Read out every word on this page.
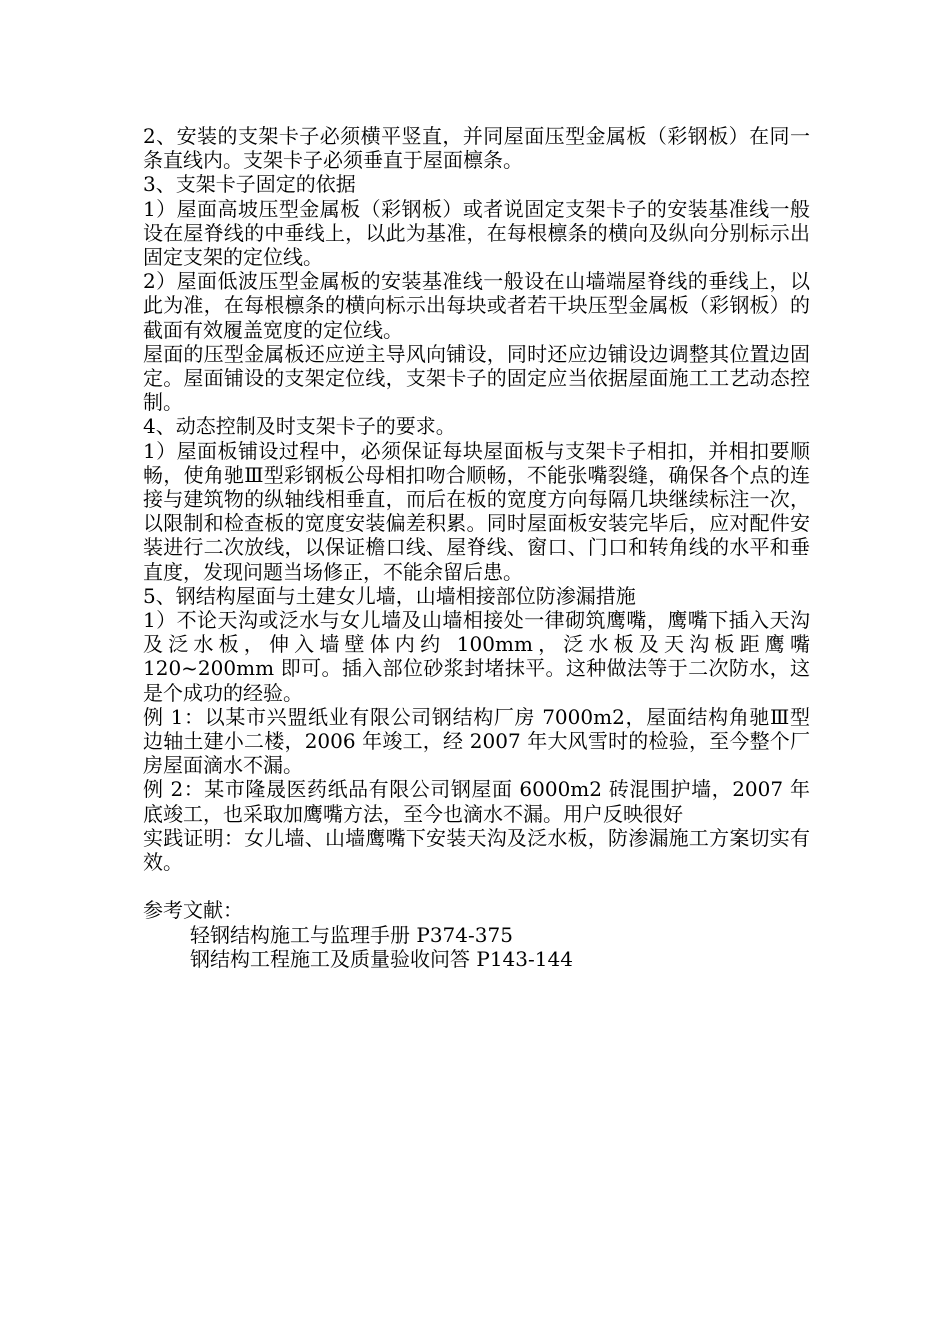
2、安装的支架卡子必须横平竖直，并同屋面压型金属板（彩钢板）在同一条直线内。支架卡子必须垂直于屋面檩条。

3、支架卡子固定的依据

1）屋面高坡压型金属板（彩钢板）或者说固定支架卡子的安装基准线一般设在屋脊线的中垂线上，以此为基准，在每根檩条的横向及纵向分别标示出固定支架的定位线。

2）屋面低波压型金属板的安装基准线一般设在山墙端屋脊线的垂线上，以此为准，在每根檩条的横向标示出每块或者若干块压型金属板（彩钢板）的截面有效履盖宽度的定位线。

屋面的压型金属板还应逆主导风向铺设，同时还应边铺设边调整其位置边固定。屋面铺设的支架定位线，支架卡子的固定应当依据屋面施工工艺动态控制。

4、动态控制及时支架卡子的要求。

1）屋面板铺设过程中，必须保证每块屋面板与支架卡子相扣，并相扣要顺畅，使角驰Ⅲ型彩钢板公母相扣吻合顺畅，不能张嘴裂缝，确保各个点的连接与建筑物的纵轴线相垂直，而后在板的宽度方向每隔几块继续标注一次，以限制和检查板的宽度安装偏差积累。同时屋面板安装完毕后，应对配件安装进行二次放线，以保证檐口线、屋脊线、窗口、门口和转角线的水平和垂直度，发现问题当场修正，不能余留后患。

5、钢结构屋面与土建女儿墙，山墙相接部位防渗漏措施

1）不论天沟或泛水与女儿墙及山墙相接处一律砌筑鹰嘴，鹰嘴下插入天沟及泛水板，伸入墙壁体内约 100mm，泛水板及天沟板距鹰嘴 120~200mm 即可。插入部位砂浆封堵抹平。这种做法等于二次防水，这是个成功的经验。

例 1：以某市兴盟纸业有限公司钢结构厂房 7000m2，屋面结构角驰Ⅲ型边轴土建小二楼，2006 年竣工，经 2007 年大风雪时的检验，至今整个厂房屋面滴水不漏。

例 2：某市隆晟医药纸品有限公司钢屋面 6000m2 砖混围护墙，2007 年底竣工，也采取加鹰嘴方法，至今也滴水不漏。用户反映很好

实践证明：女儿墙、山墙鹰嘴下安装天沟及泛水板，防渗漏施工方案切实有效。

参考文献：

轻钢结构施工与监理手册 P374-375

钢结构工程施工及质量验收问答 P143-144
